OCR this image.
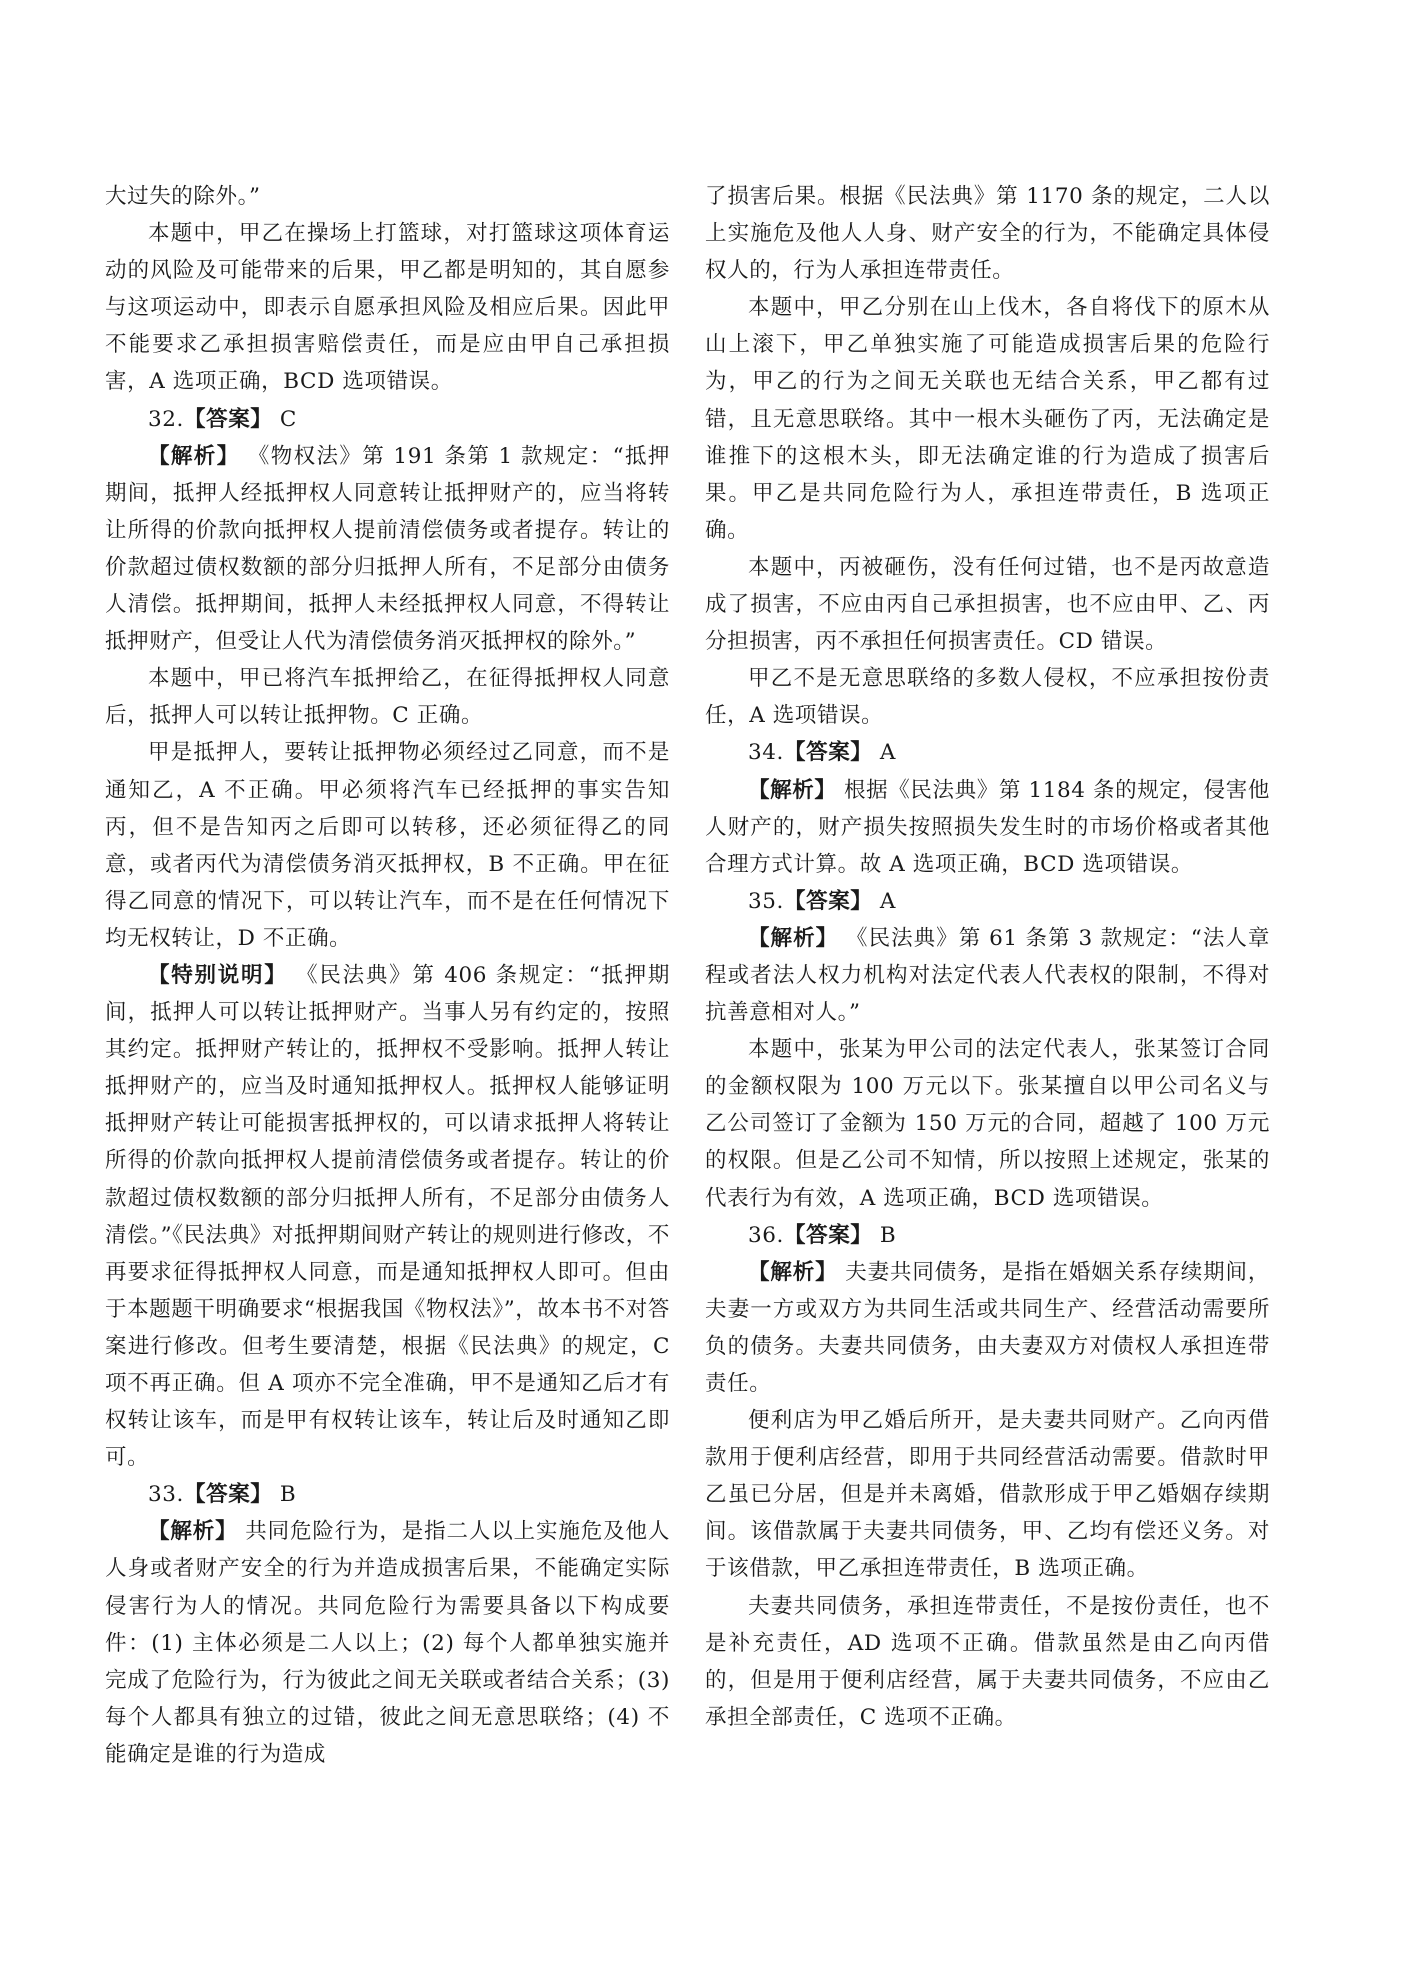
大过失的除外。”

本题中，甲乙在操场上打篮球，对打篮球这项体育运动的风险及可能带来的后果，甲乙都是明知的，其自愿参与这项运动中，即表示自愿承担风险及相应后果。因此甲不能要求乙承担损害赔偿责任，而是应由甲自己承担损害，A 选项正确，BCD 选项错误。

32.【答案】 C

【解析】 《物权法》第 191 条第 1 款规定：“抵押期间，抵押人经抵押权人同意转让抵押财产的，应当将转让所得的价款向抵押权人提前清偿债务或者提存。转让的价款超过债权数额的部分归抵押人所有，不足部分由债务人清偿。抵押期间，抵押人未经抵押权人同意，不得转让抵押财产，但受让人代为清偿债务消灭抵押权的除外。”

本题中，甲已将汽车抵押给乙，在征得抵押权人同意后，抵押人可以转让抵押物。C 正确。

甲是抵押人，要转让抵押物必须经过乙同意，而不是通知乙，A 不正确。甲必须将汽车已经抵押的事实告知丙，但不是告知丙之后即可以转移，还必须征得乙的同意，或者丙代为清偿债务消灭抵押权，B 不正确。甲在征得乙同意的情况下，可以转让汽车，而不是在任何情况下均无权转让，D 不正确。

【特别说明】 《民法典》第 406 条规定：“抵押期间，抵押人可以转让抵押财产。当事人另有约定的，按照其约定。抵押财产转让的，抵押权不受影响。抵押人转让抵押财产的，应当及时通知抵押权人。抵押权人能够证明抵押财产转让可能损害抵押权的，可以请求抵押人将转让所得的价款向抵押权人提前清偿债务或者提存。转让的价款超过债权数额的部分归抵押人所有，不足部分由债务人清偿。”《民法典》对抵押期间财产转让的规则进行修改，不再要求征得抵押权人同意，而是通知抵押权人即可。但由于本题题干明确要求“根据我国《物权法》”，故本书不对答案进行修改。但考生要清楚，根据《民法典》的规定，C 项不再正确。但 A 项亦不完全准确，甲不是通知乙后才有权转让该车，而是甲有权转让该车，转让后及时通知乙即可。

33.【答案】 B

【解析】 共同危险行为，是指二人以上实施危及他人人身或者财产安全的行为并造成损害后果，不能确定实际侵害行为人的情况。共同危险行为需要具备以下构成要件：(1) 主体必须是二人以上；(2) 每个人都单独实施并完成了危险行为，行为彼此之间无关联或者结合关系；(3) 每个人都具有独立的过错，彼此之间无意思联络；(4) 不能确定是谁的行为造成

了损害后果。根据《民法典》第 1170 条的规定，二人以上实施危及他人人身、财产安全的行为，不能确定具体侵权人的，行为人承担连带责任。

本题中，甲乙分别在山上伐木，各自将伐下的原木从山上滚下，甲乙单独实施了可能造成损害后果的危险行为，甲乙的行为之间无关联也无结合关系，甲乙都有过错，且无意思联络。其中一根木头砸伤了丙，无法确定是谁推下的这根木头，即无法确定谁的行为造成了损害后果。甲乙是共同危险行为人，承担连带责任，B 选项正确。

本题中，丙被砸伤，没有任何过错，也不是丙故意造成了损害，不应由丙自己承担损害，也不应由甲、乙、丙分担损害，丙不承担任何损害责任。CD 错误。

甲乙不是无意思联络的多数人侵权，不应承担按份责任，A 选项错误。

34.【答案】 A

【解析】 根据《民法典》第 1184 条的规定，侵害他人财产的，财产损失按照损失发生时的市场价格或者其他合理方式计算。故 A 选项正确，BCD 选项错误。

35.【答案】 A

【解析】 《民法典》第 61 条第 3 款规定：“法人章程或者法人权力机构对法定代表人代表权的限制，不得对抗善意相对人。”

本题中，张某为甲公司的法定代表人，张某签订合同的金额权限为 100 万元以下。张某擅自以甲公司名义与乙公司签订了金额为 150 万元的合同，超越了 100 万元的权限。但是乙公司不知情，所以按照上述规定，张某的代表行为有效，A 选项正确，BCD 选项错误。

36.【答案】 B

【解析】 夫妻共同债务，是指在婚姻关系存续期间，夫妻一方或双方为共同生活或共同生产、经营活动需要所负的债务。夫妻共同债务，由夫妻双方对债权人承担连带责任。

便利店为甲乙婚后所开，是夫妻共同财产。乙向丙借款用于便利店经营，即用于共同经营活动需要。借款时甲乙虽已分居，但是并未离婚，借款形成于甲乙婚姻存续期间。该借款属于夫妻共同债务，甲、乙均有偿还义务。对于该借款，甲乙承担连带责任，B 选项正确。

夫妻共同债务，承担连带责任，不是按份责任，也不是补充责任，AD 选项不正确。借款虽然是由乙向丙借的，但是用于便利店经营，属于夫妻共同债务，不应由乙承担全部责任，C 选项不正确。
